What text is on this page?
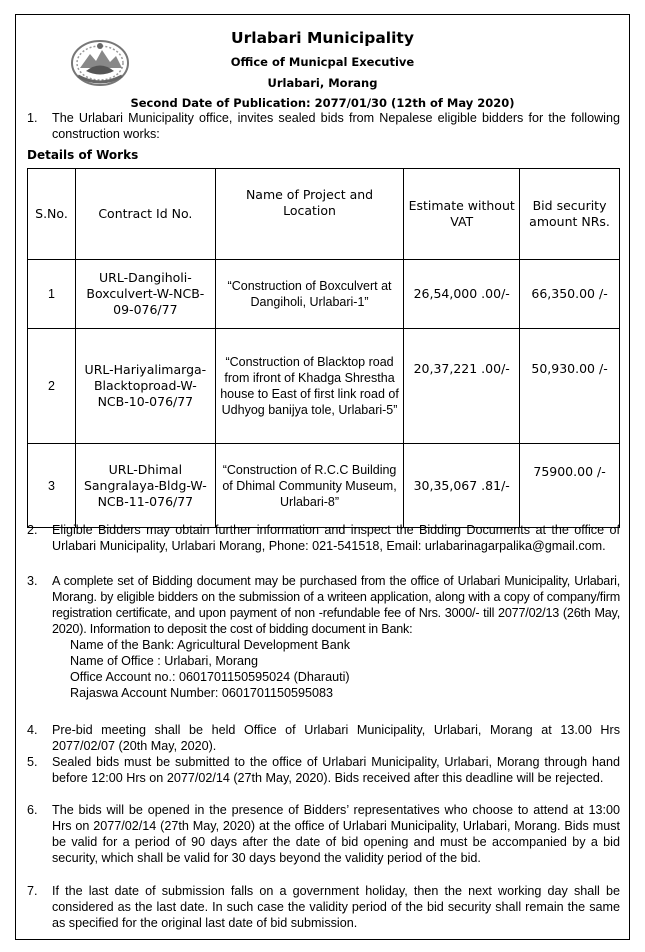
Urlabari Municipality
Office of Municpal Executive
Urlabari, Morang
Second Date of Publication: 2077/01/30 (12th of May 2020)
1.	The Urlabari Municipality office, invites sealed bids from Nepalese eligible bidders for the following construction works:
Details of Works
S.No.	Contract Id No.	Name of Project and Location	Estimate without VAT	Bid security amount NRs.
1	URL-Dangiholi-Boxculvert-W-NCB-09-076/77	“Construction of Boxculvert at Dangiholi, Urlabari-1”	26,54,000 .00/-	66,350.00 /-
2	URL-Hariyalimarga-Blacktoproad-W-NCB-10-076/77	“Construction of Blacktop road from ifront of Khadga Shrestha house to East of first link road of Udhyog banijya tole, Urlabari-5”	20,37,221 .00/-	50,930.00 /-
3	URL-Dhimal Sangralaya-Bldg-W-NCB-11-076/77	“Construction of R.C.C Building of Dhimal Community Museum, Urlabari-8”	30,35,067 .81/-	75900.00 /-
2.	Eligible Bidders may obtain further information and inspect the Bidding Documents at the office of Urlabari Municipality, Urlabari Morang, Phone: 021-541518, Email: urlabarinagarpalika@gmail.com.
3.	A complete set of Bidding document may be purchased from the office of Urlabari Municipality, Urlabari, Morang. by eligible bidders on the submission of a writeen application, along with a copy of company/firm registration certificate, and upon payment of non -refundable fee of Nrs. 3000/- till 2077/02/13 (26th May, 2020). Information to deposit the cost of bidding document in Bank:
Name of the Bank: Agricultural Development Bank
Name of Office : Urlabari, Morang
Office Account no.: 0601701150595024 (Dharauti)
Rajaswa Account Number: 0601701150595083
4.	Pre-bid meeting shall be held Office of Urlabari Municipality, Urlabari, Morang at 13.00 Hrs 2077/02/07 (20th May, 2020).
5.	Sealed bids must be submitted to the office of Urlabari Municipality, Urlabari, Morang through hand before 12:00 Hrs on 2077/02/14 (27th May, 2020). Bids received after this deadline will be rejected.
6.	The bids will be opened in the presence of Bidders’ representatives who choose to attend at 13:00 Hrs on 2077/02/14 (27th May, 2020) at the office of Urlabari Municipality, Urlabari, Morang. Bids must be valid for a period of 90 days after the date of bid opening and must be accompanied by a bid security, which shall be valid for 30 days beyond the validity period of the bid.
7.	If the last date of submission falls on a government holiday, then the next working day shall be considered as the last date. In such case the validity period of the bid security shall remain the same as specified for the original last date of bid submission.
